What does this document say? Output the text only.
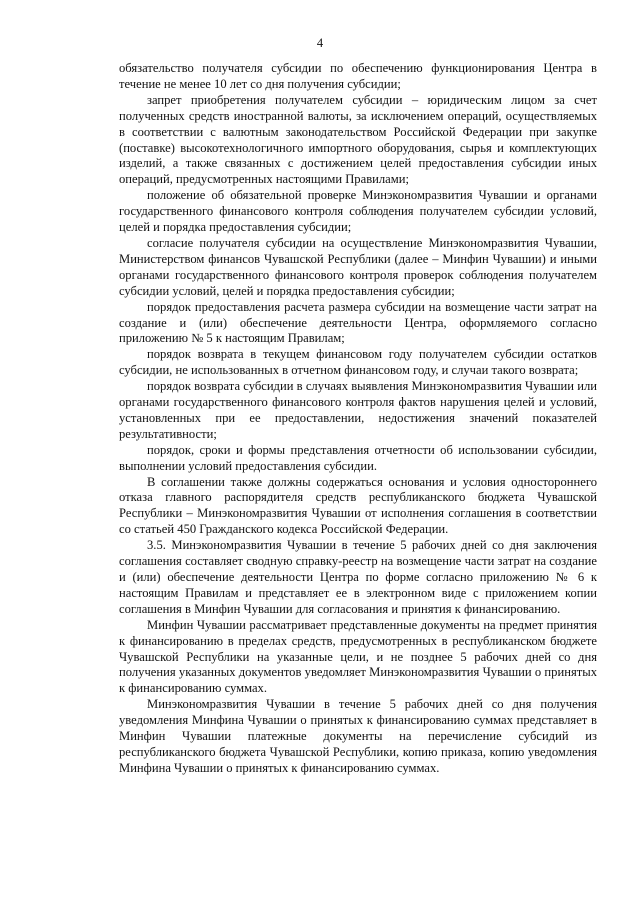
4

обязательство получателя субсидии по обеспечению функционирования Центра в течение не менее 10 лет со дня получения субсидии;

запрет приобретения получателем субсидии – юридическим лицом за счет полученных средств иностранной валюты, за исключением операций, осуществляемых в соответствии с валютным законодательством Российской Федерации при закупке (поставке) высокотехнологичного импортного оборудования, сырья и комплектующих изделий, а также связанных с достижением целей предоставления субсидии иных операций, предусмотренных настоящими Правилами;

положение об обязательной проверке Минэкономразвития Чувашии и органами государственного финансового контроля соблюдения получателем субсидии условий, целей и порядка предоставления субсидии;

согласие получателя субсидии на осуществление Минэкономразвития Чувашии, Министерством финансов Чувашской Республики (далее – Минфин Чувашии) и иными органами государственного финансового контроля проверок соблюдения получателем субсидии условий, целей и порядка предоставления субсидии;

порядок предоставления расчета размера субсидии на возмещение части затрат на создание и (или) обеспечение деятельности Центра, оформляемого согласно приложению № 5 к настоящим Правилам;

порядок возврата в текущем финансовом году получателем субсидии остатков субсидии, не использованных в отчетном финансовом году, и случаи такого возврата;

порядок возврата субсидии в случаях выявления Минэкономразвития Чувашии или органами государственного финансового контроля фактов нарушения целей и условий, установленных при ее предоставлении, недостижения значений показателей результативности;

порядок, сроки и формы представления отчетности об использовании субсидии, выполнении условий предоставления субсидии.

В соглашении также должны содержаться основания и условия одностороннего отказа главного распорядителя средств республиканского бюджета Чувашской Республики – Минэкономразвития Чувашии от исполнения соглашения в соответствии со статьей 450 Гражданского кодекса Российской Федерации.

3.5. Минэкономразвития Чувашии в течение 5 рабочих дней со дня заключения соглашения составляет сводную справку-реестр на возмещение части затрат на создание и (или) обеспечение деятельности Центра по форме согласно приложению № 6 к настоящим Правилам и представляет ее в электронном виде с приложением копии соглашения в Минфин Чувашии для согласования и принятия к финансированию.

Минфин Чувашии рассматривает представленные документы на предмет принятия к финансированию в пределах средств, предусмотренных в республиканском бюджете Чувашской Республики на указанные цели, и не позднее 5 рабочих дней со дня получения указанных документов уведомляет Минэкономразвития Чувашии о принятых к финансированию суммах.

Минэкономразвития Чувашии в течение 5 рабочих дней со дня получения уведомления Минфина Чувашии о принятых к финансированию суммах представляет в Минфин Чувашии платежные документы на перечисление субсидий из республиканского бюджета Чувашской Республики, копию приказа, копию уведомления Минфина Чувашии о принятых к финансированию суммах.
